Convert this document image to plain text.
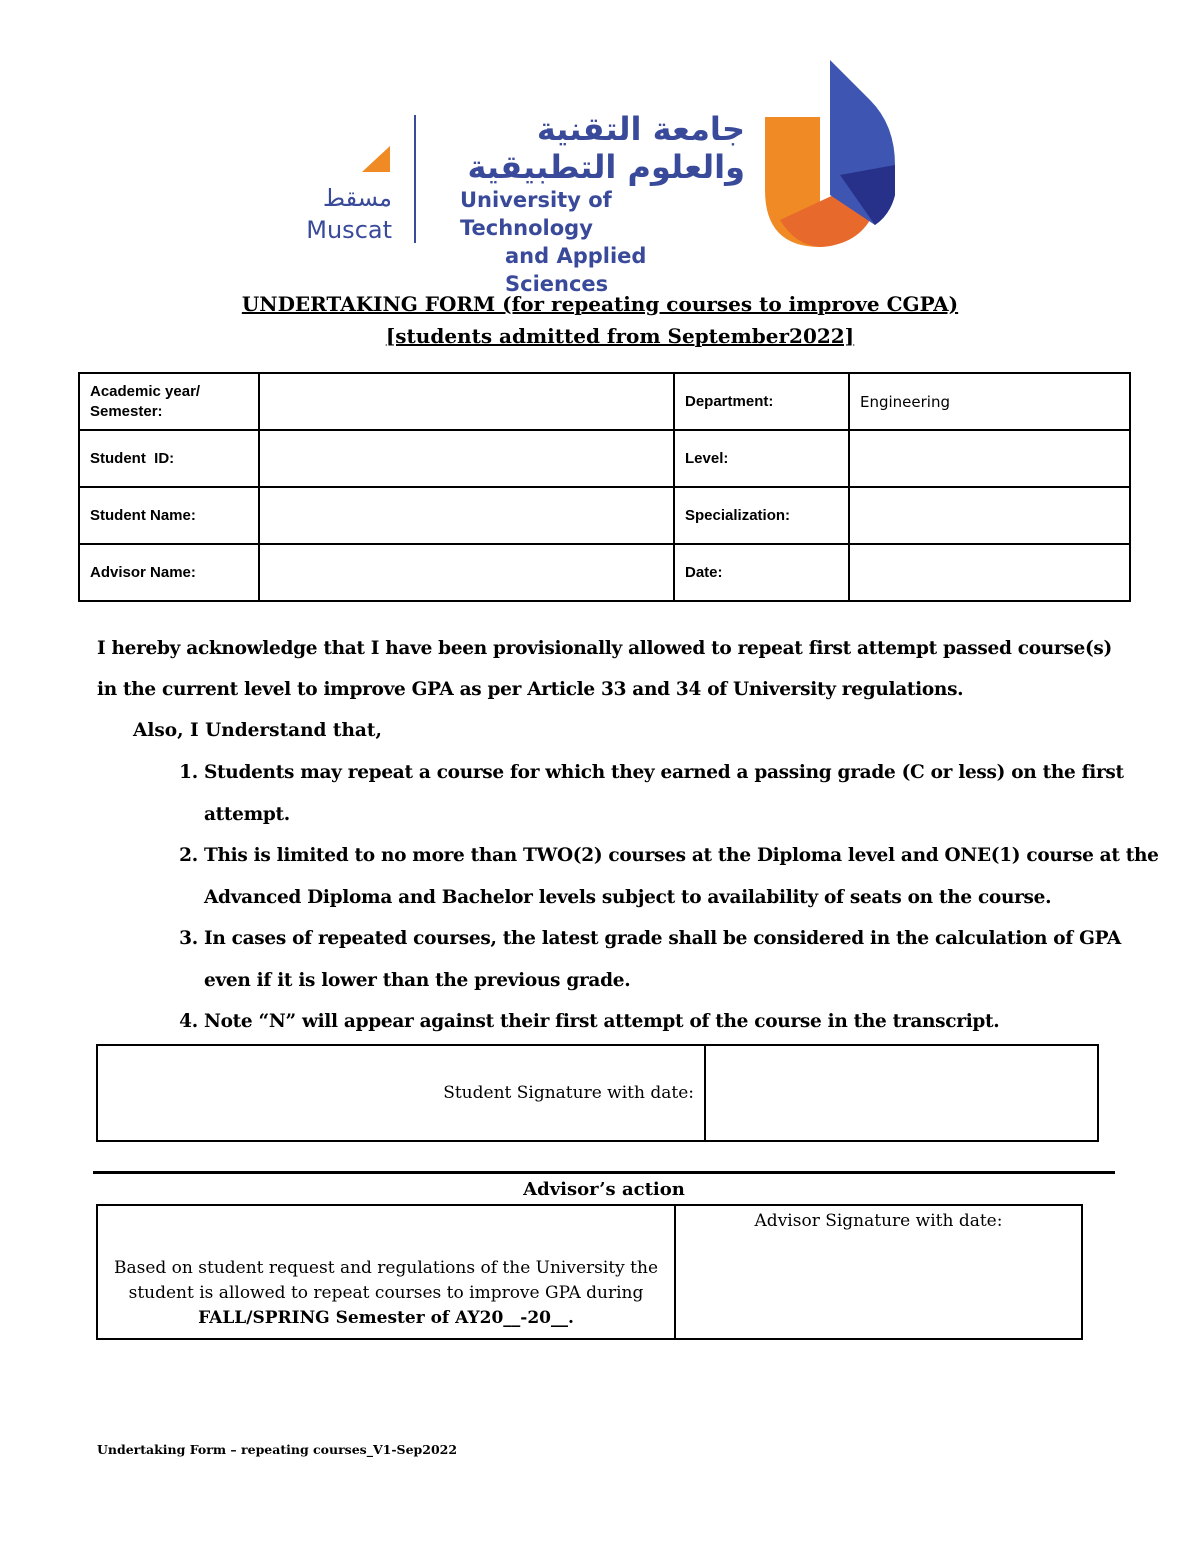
مسقط
Muscat
جامعة التقنية
والعلوم التطبيقية
University of Technology
and Applied Sciences
UNDERTAKING FORM (for repeating courses to improve CGPA)
[students admitted from September2022]
Academic year/ Semester:		Department:	Engineering
Student  ID:		Level:	
Student Name:		Specialization:	
Advisor Name:		Date:	
I hereby acknowledge that I have been provisionally allowed to repeat first attempt passed course(s) in the current level to improve GPA as per Article 33 and 34 of University regulations.
Also, I Understand that,
1. Students may repeat a course for which they earned a passing grade (C or less) on the first attempt.
2. This is limited to no more than TWO(2) courses at the Diploma level and ONE(1) course at the Advanced Diploma and Bachelor levels subject to availability of seats on the course.
3. In cases of repeated courses, the latest grade shall be considered in the calculation of GPA even if it is lower than the previous grade.
4. Note “N” will appear against their first attempt of the course in the transcript.
Student Signature with date:	
Advisor’s action
Based on student request and regulations of the University the
student is allowed to repeat courses to improve GPA during
FALL/SPRING Semester of AY20__-20__.
	Advisor Signature with date:
Undertaking Form – repeating courses_V1-Sep2022
